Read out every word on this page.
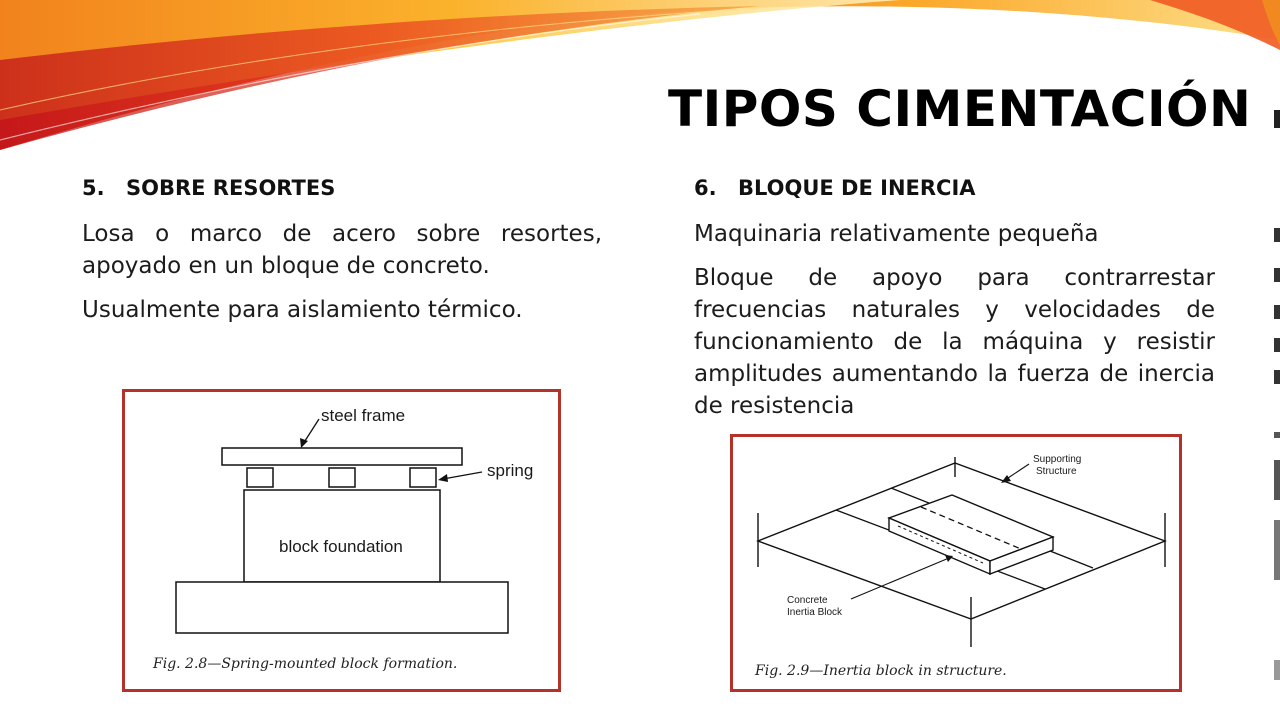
TIPOS CIMENTACIÓN
5. SOBRE RESORTES
Losa o marco de acero sobre resortes, apoyado en un bloque de concreto.
Usualmente para aislamiento térmico.
steel frame
spring
block foundation
Fig. 2.8—Spring-mounted block formation.
6. BLOQUE DE INERCIA
Maquinaria relativamente pequeña
Bloque de apoyo para contrarrestar frecuencias naturales y velocidades de funcionamiento de la máquina y resistir amplitudes aumentando la fuerza de inercia de resistencia
Supporting
Structure
Concrete
Inertia Block
Fig. 2.9—Inertia block in structure.
